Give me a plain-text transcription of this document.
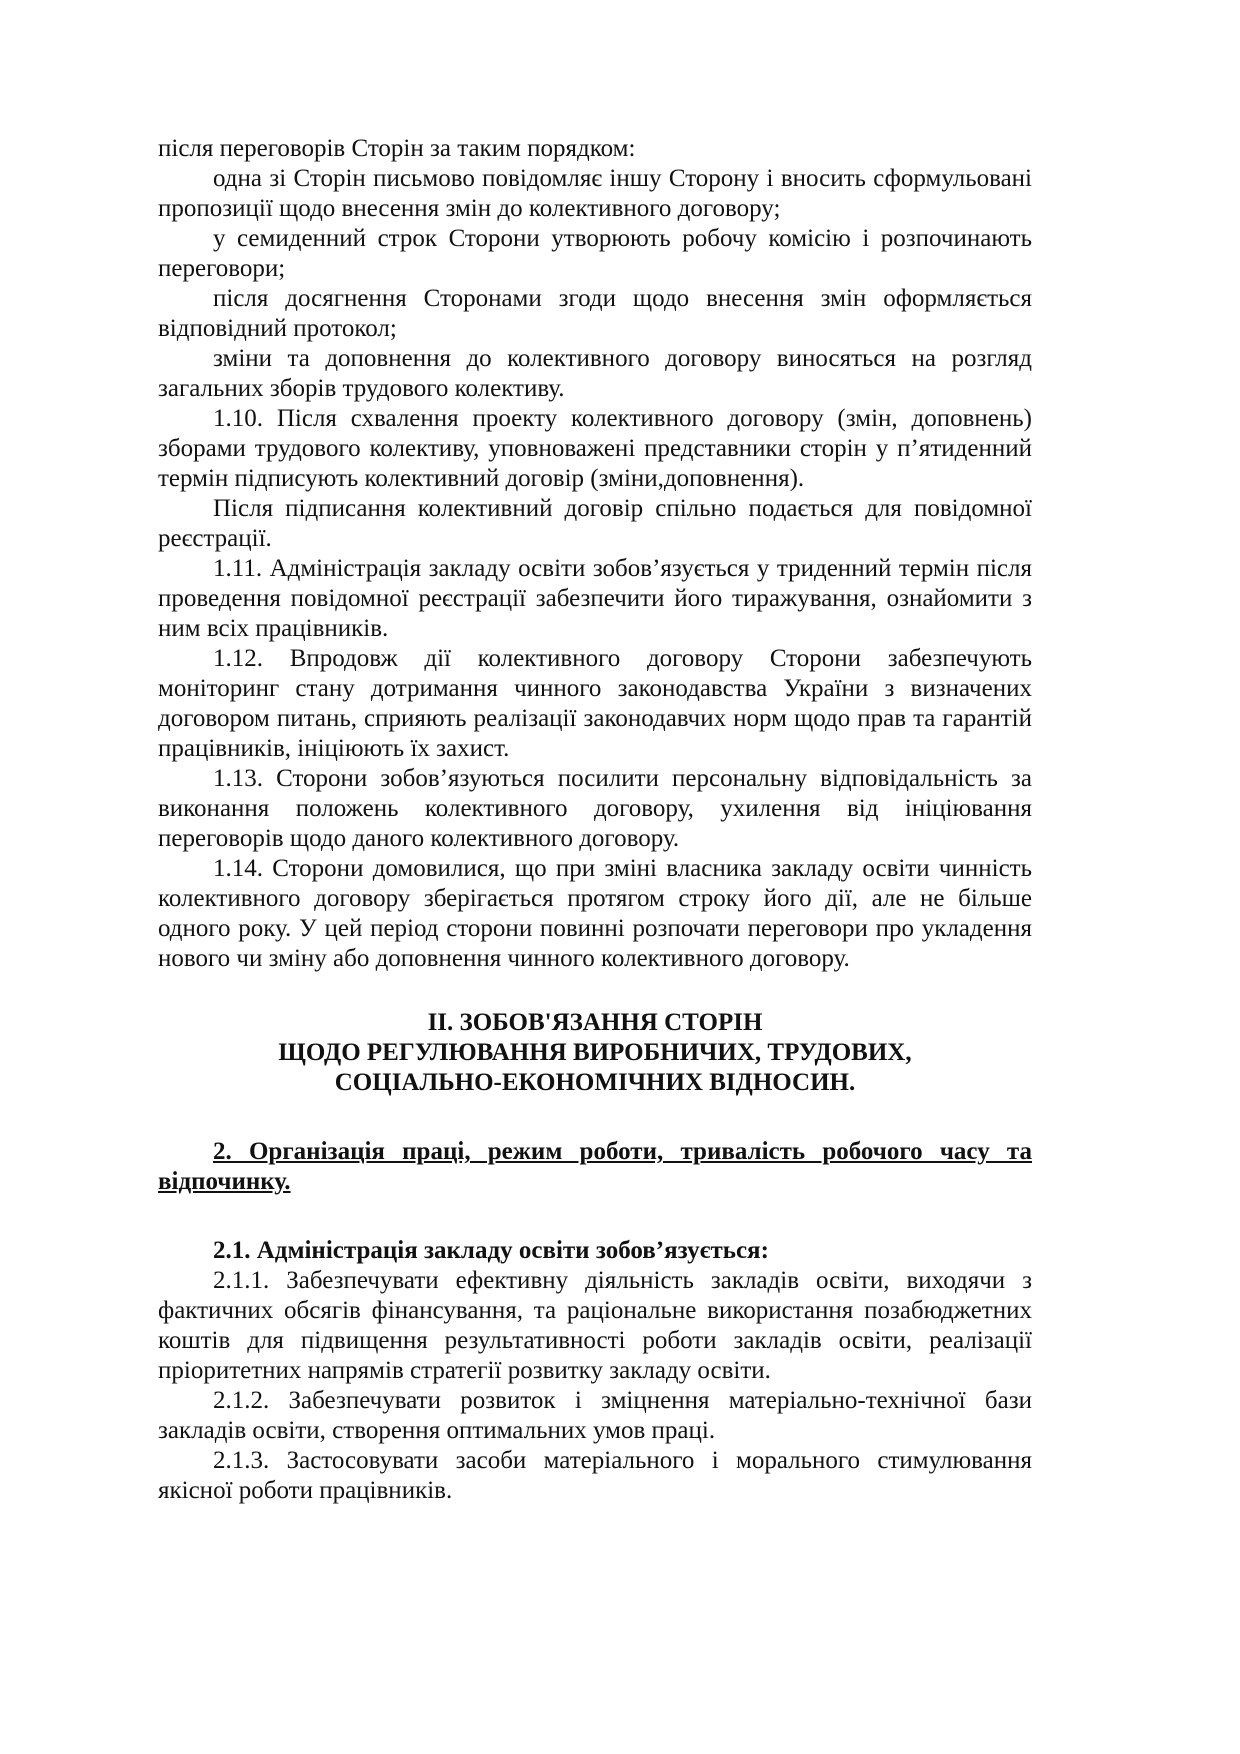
після переговорів Сторін за таким порядком:

одна зі Сторін письмово повідомляє іншу Сторону і вносить сформульовані пропозиції щодо внесення змін до колективного договору;

у семиденний строк Сторони утворюють робочу комісію і розпочинають переговори;

після досягнення Сторонами згоди щодо внесення змін оформляється відповідний протокол;

зміни та доповнення до колективного договору виносяться на розгляд загальних зборів трудового колективу.

1.10. Після схвалення проекту колективного договору (змін, доповнень) зборами трудового колективу, уповноважені представники сторін у п’ятиденний термін підписують колективний договір (зміни,доповнення).

Після підписання колективний договір спільно подається для повідомної реєстрації.

1.11. Адміністрація закладу освіти зобов’язується у триденний термін після проведення повідомної реєстрації забезпечити його тиражування, ознайомити з ним всіх працівників.

1.12. Впродовж дії колективного договору Сторони забезпечують моніторинг стану дотримання чинного законодавства України з визначених договором питань, сприяють реалізації законодавчих норм щодо прав та гарантій працівників, ініціюють їх захист.

1.13. Сторони зобов’язуються посилити персональну відповідальність за виконання положень колективного договору, ухилення від ініціювання переговорів щодо даного колективного договору.

1.14. Сторони домовилися, що при зміні власника закладу освіти чинність колективного договору зберігається протягом строку його дії, але не більше одного року. У цей період сторони повинні розпочати переговори про укладення нового чи зміну або доповнення чинного колективного договору.

ІІ. ЗОБОВ'ЯЗАННЯ СТОРІН

ЩОДО РЕГУЛЮВАННЯ ВИРОБНИЧИХ, ТРУДОВИХ,

СОЦІАЛЬНО-ЕКОНОМІЧНИХ ВІДНОСИН.

2. Організація праці, режим роботи, тривалість робочого часу та відпочинку.

2.1. Адміністрація закладу освіти зобов’язується:

2.1.1. Забезпечувати ефективну діяльність закладів освіти, виходячи з фактичних обсягів фінансування, та раціональне використання позабюджетних коштів для підвищення результативності роботи закладів освіти, реалізації пріоритетних напрямів стратегії розвитку закладу освіти.

2.1.2. Забезпечувати розвиток і зміцнення матеріально-технічної бази закладів освіти, створення оптимальних умов праці.

2.1.3. Застосовувати засоби матеріального і морального стимулювання якісної роботи працівників.
